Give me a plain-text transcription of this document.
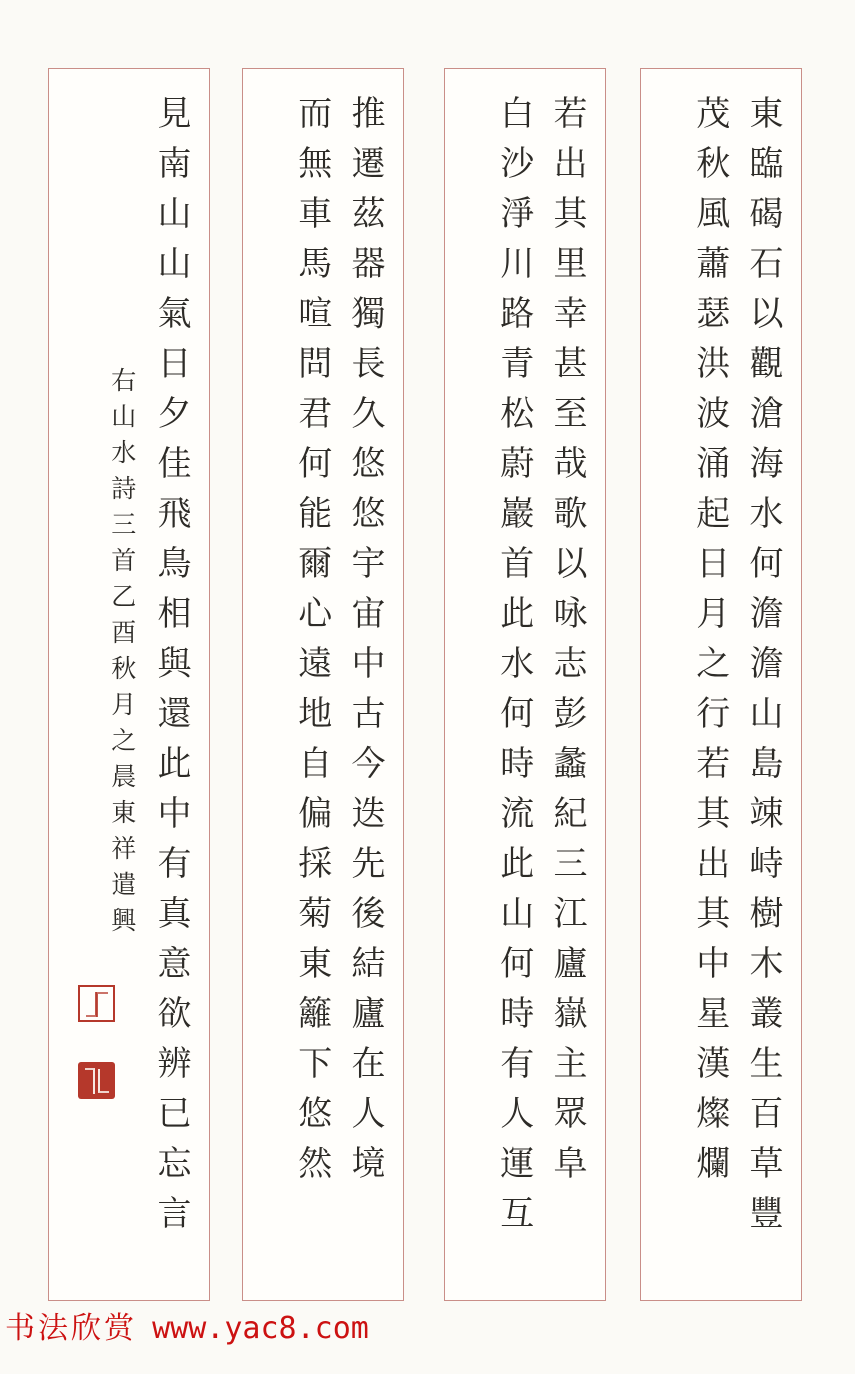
東臨碣石以觀滄海水何澹澹山島竦峙樹木叢生百草豐
茂秋風蕭瑟洪波涌起日月之行若其出其中星漢燦爛
若出其里幸甚至哉歌以咏志彭蠡紀三江廬嶽主眾阜
白沙淨川路青松蔚巖首此水何時流此山何時有人運互
推遷茲器獨長久悠悠宇宙中古今迭先後結廬在人境
而無車馬喧問君何能爾心遠地自偏採菊東籬下悠然
見南山山氣日夕佳飛鳥相與還此中有真意欲辨已忘言
右山水詩三首乙酉秋月之晨東祥遣興
书法欣赏 www.yac8.com
